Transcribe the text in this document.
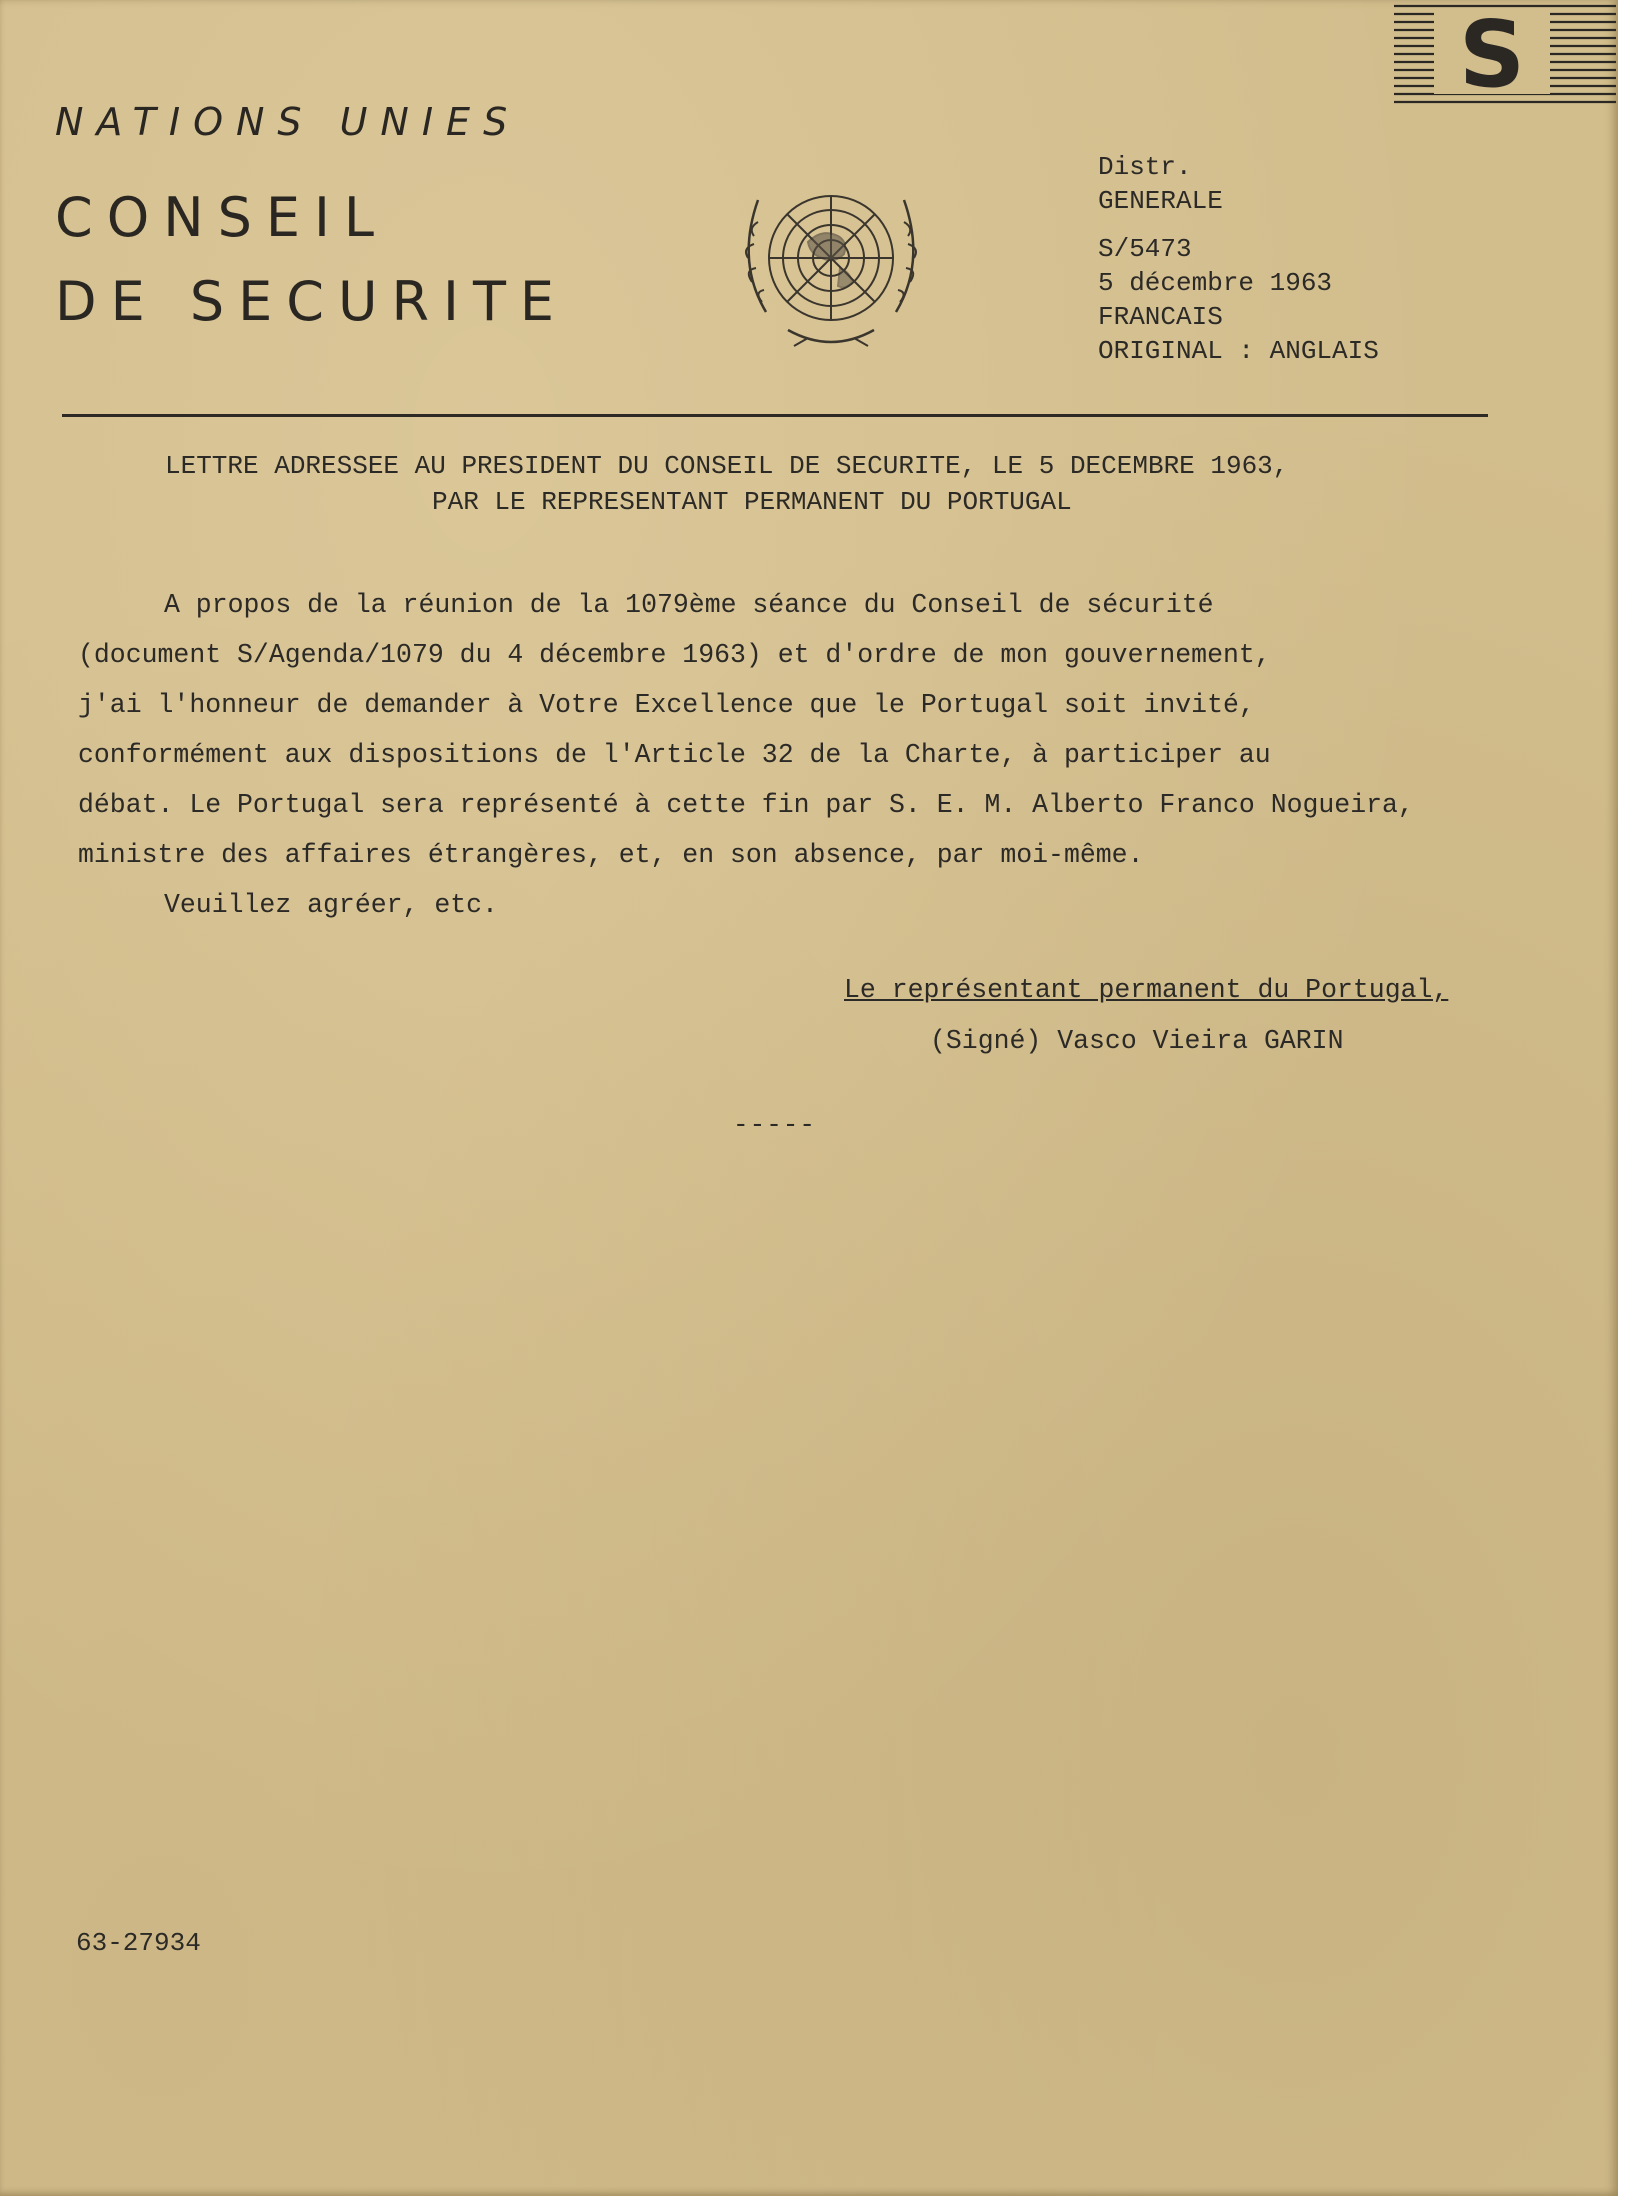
NATIONS UNIES
CONSEIL
DE SECURITE
S
Distr.
GENERALE
S/5473
5 décembre 1963
FRANCAIS
ORIGINAL : ANGLAIS
LETTRE ADRESSEE AU PRESIDENT DU CONSEIL DE SECURITE, LE 5 DECEMBRE 1963,
PAR LE REPRESENTANT PERMANENT DU PORTUGAL
A propos de la réunion de la 1079ème séance du Conseil de sécurité
(document S/Agenda/1079 du 4 décembre 1963) et d'ordre de mon gouvernement,
j'ai l'honneur de demander à Votre Excellence que le Portugal soit invité,
conformément aux dispositions de l'Article 32 de la Charte, à participer au
débat. Le Portugal sera représenté à cette fin par S. E. M. Alberto Franco Nogueira,
ministre des affaires étrangères, et, en son absence, par moi-même.
Veuillez agréer, etc.
Le représentant permanent du Portugal,
(Signé) Vasco Vieira GARIN
-----
63-27934
